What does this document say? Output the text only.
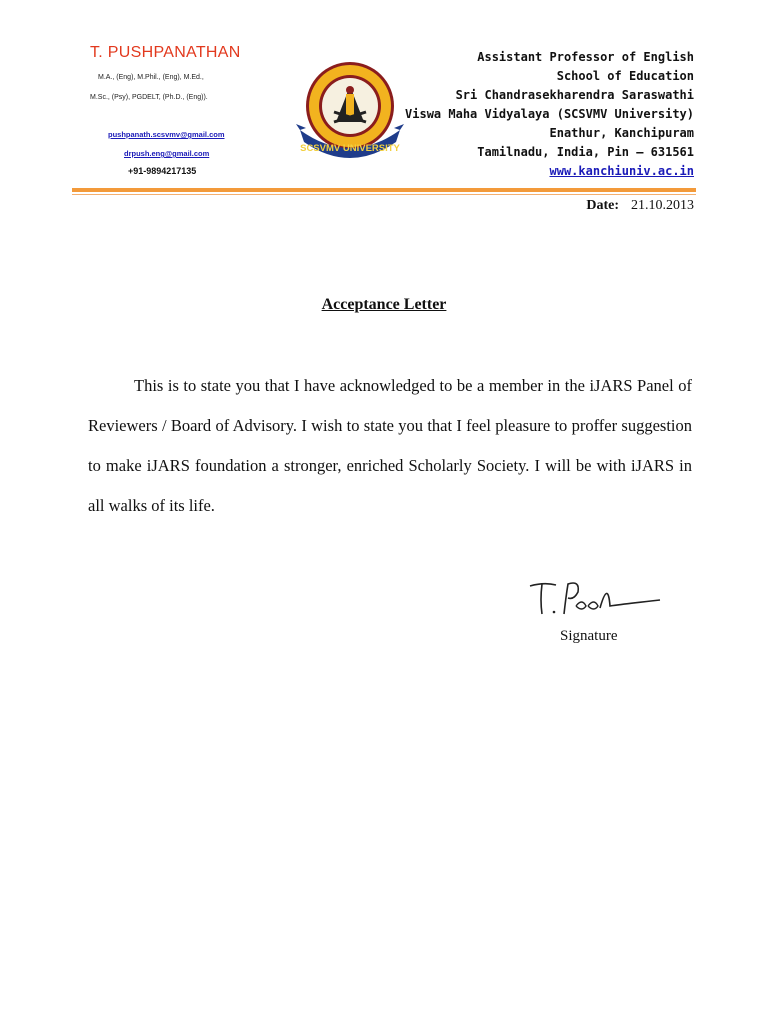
T. PUSHPANATHAN
M.A., (Eng), M.Phil., (Eng), M.Ed.,
M.Sc., (Psy), PGDELT, (Ph.D., (Eng)).
pushpanath.scsvmv@gmail.com
drpush.eng@gmail.com
+91-9894217135
SCSVMV UNIVERSITY
Assistant Professor of English
School of Education
Sri Chandrasekharendra Saraswathi
Viswa Maha Vidyalaya (SCSVMV University)
Enathur, Kanchipuram
Tamilnadu, India, Pin – 631561
www.kanchiuniv.ac.in
Date: 21.10.2013
Acceptance Letter

This is to state you that I have acknowledged to be a member in the iJARS Panel of Reviewers / Board of Advisory. I wish to state you that I feel pleasure to proffer suggestion to make iJARS foundation a stronger, enriched Scholarly Society. I will be with iJARS in all walks of its life.

Signature
